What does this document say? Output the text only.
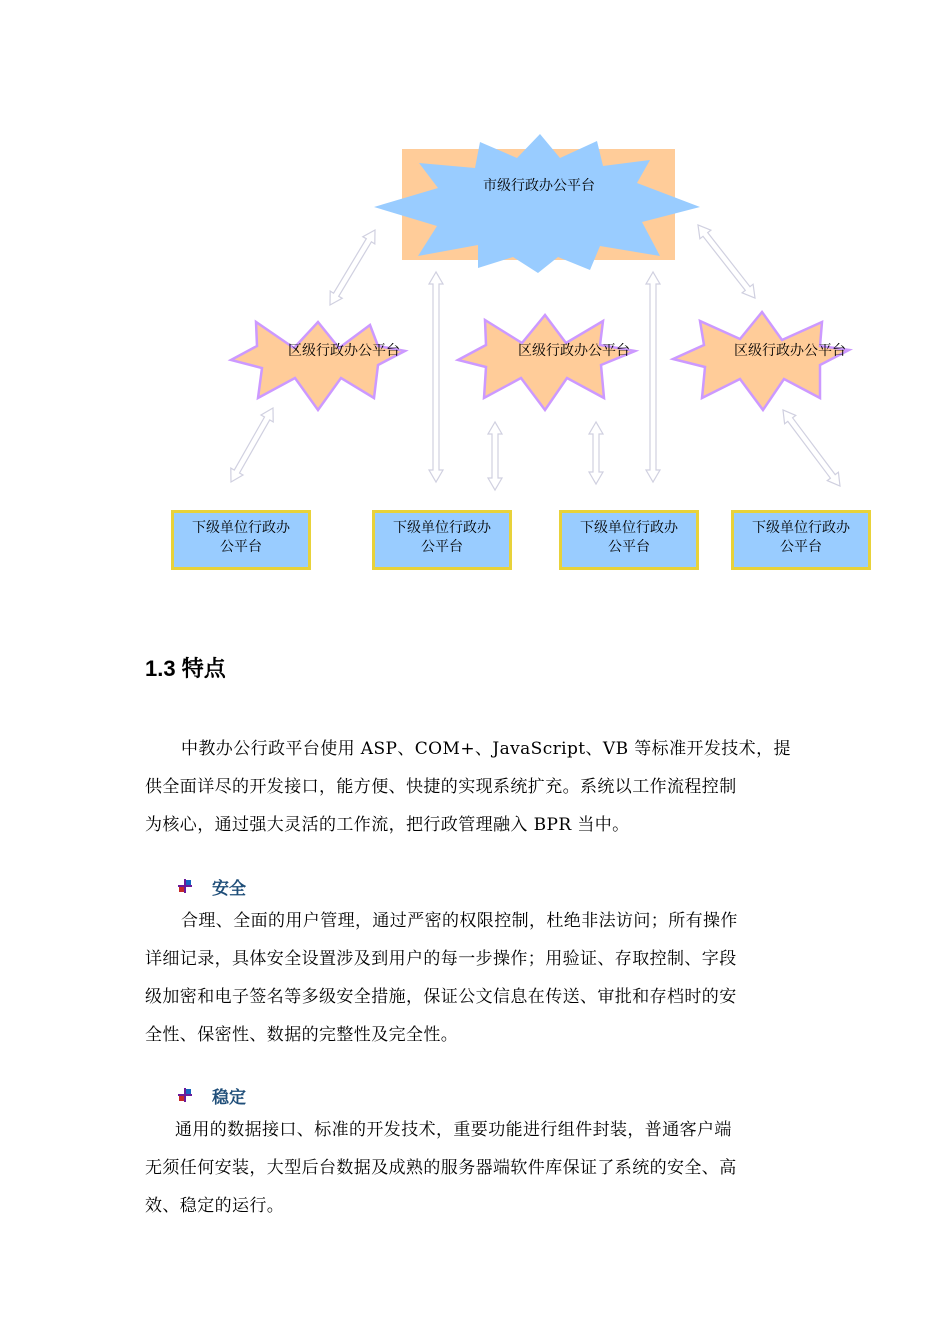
市级行政办公平台
区级行政办公平台	区级行政办公平台	区级行政办公平台
下级单位行政办
公平台
下级单位行政办
公平台
下级单位行政办
公平台
下级单位行政办
公平台
1.3 特点
中教办公行政平台使用 ASP、COM+、JavaScript、VB 等标准开发技术，提
供全面详尽的开发接口，能方便、快捷的实现系统扩充。系统以工作流程控制
为核心，通过强大灵活的工作流，把行政管理融入 BPR 当中。
安全
合理、全面的用户管理，通过严密的权限控制，杜绝非法访问；所有操作
详细记录，具体安全设置涉及到用户的每一步操作；用验证、存取控制、字段
级加密和电子签名等多级安全措施，保证公文信息在传送、审批和存档时的安
全性、保密性、数据的完整性及完全性。
稳定
通用的数据接口、标准的开发技术，重要功能进行组件封装，普通客户端
无须任何安装，大型后台数据及成熟的服务器端软件库保证了系统的安全、高
效、稳定的运行。
